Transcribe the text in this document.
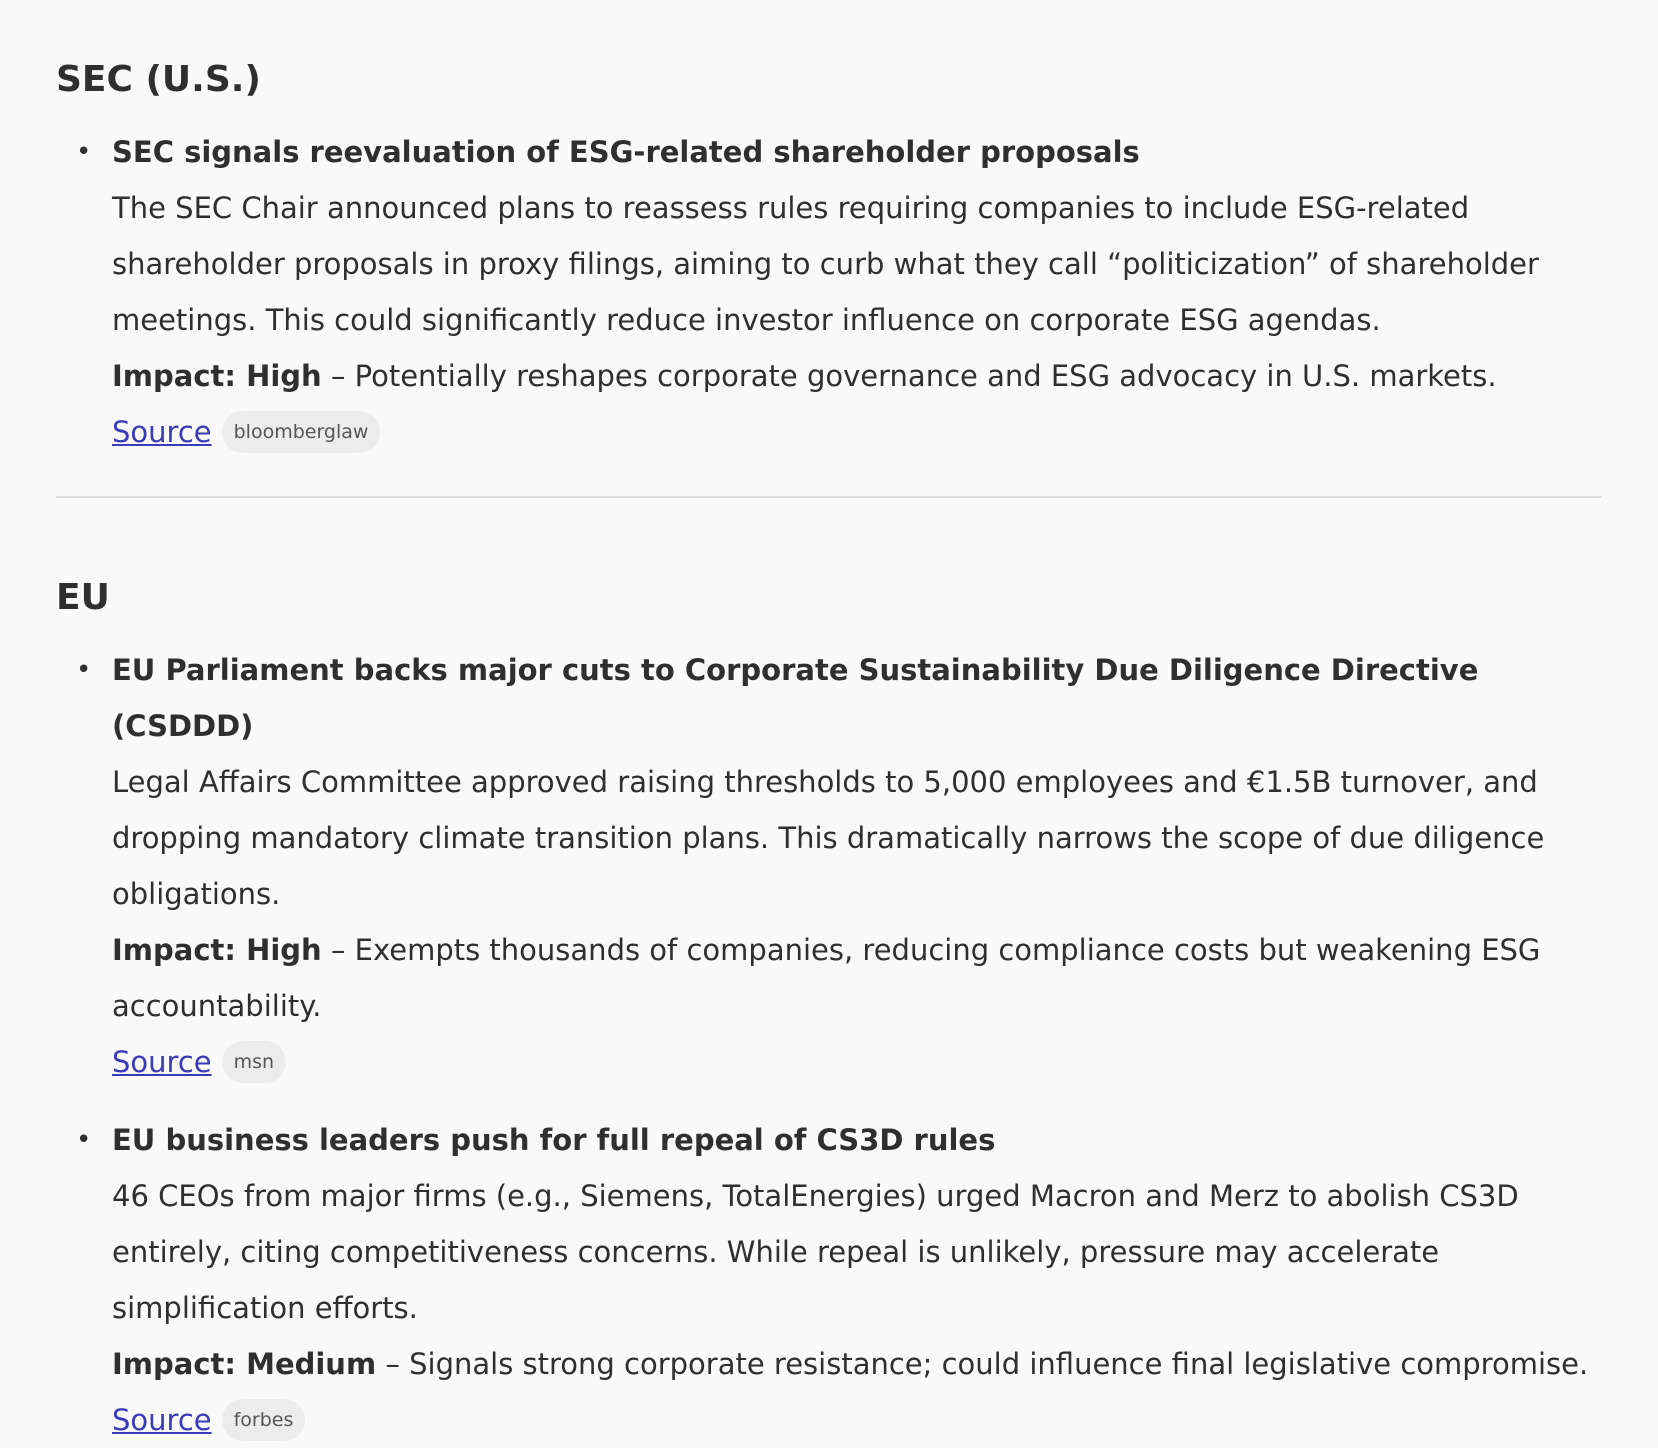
SEC (U.S.)
• SEC signals reevaluation of ESG-related shareholder proposals

The SEC Chair announced plans to reassess rules requiring companies to include ESG-related shareholder proposals in proxy filings, aiming to curb what they call “politicization” of shareholder meetings. This could significantly reduce investor influence on corporate ESG agendas.

Impact: High – Potentially reshapes corporate governance and ESG advocacy in U.S. markets.

Source	bloomberglaw
EU
• EU Parliament backs major cuts to Corporate Sustainability Due Diligence Directive (CSDDD)

Legal Affairs Committee approved raising thresholds to 5,000 employees and €1.5B turnover, and dropping mandatory climate transition plans. This dramatically narrows the scope of due diligence obligations.

Impact: High – Exempts thousands of companies, reducing compliance costs but weakening ESG accountability.

Source	msn
• EU business leaders push for full repeal of CS3D rules

46 CEOs from major firms (e.g., Siemens, TotalEnergies) urged Macron and Merz to abolish CS3D entirely, citing competitiveness concerns. While repeal is unlikely, pressure may accelerate simplification efforts.

Impact: Medium – Signals strong corporate resistance; could influence final legislative compromise.

Source	forbes
